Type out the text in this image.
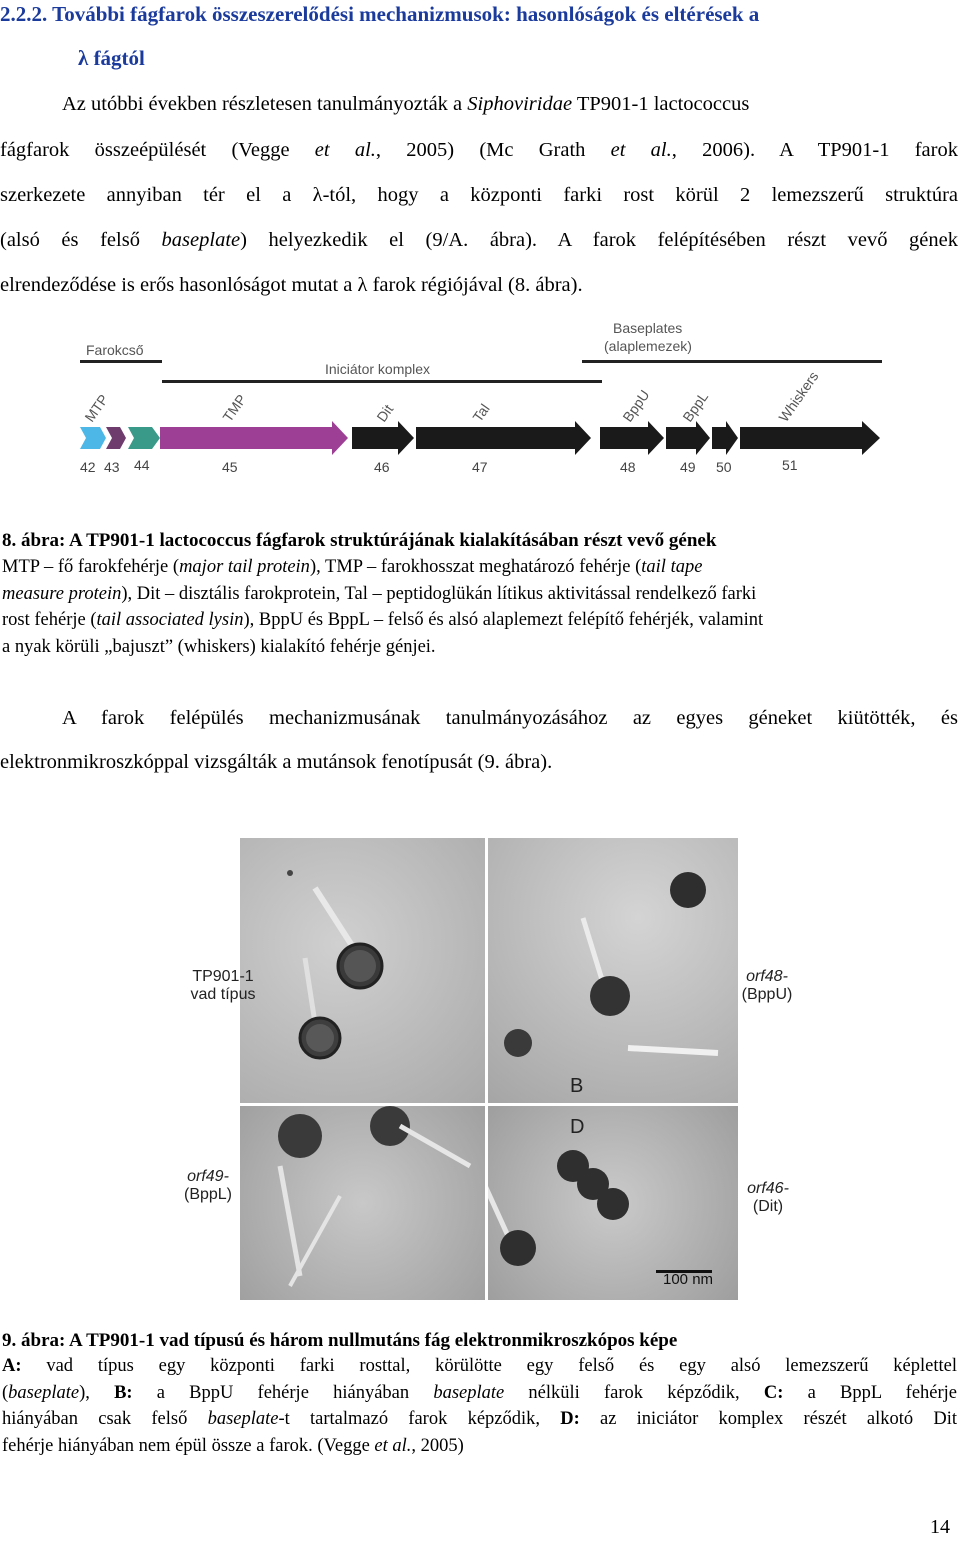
2.2.2. További fágfarok összeszerelődési mechanizmusok: hasonlóságok és eltérések a
λ fágtól
Az utóbbi években részletesen tanulmányozták a Siphoviridae TP901-1 lactococcus
fágfarok összeépülését (Vegge et al., 2005) (Mc Grath et al., 2006). A TP901-1 farok
szerkezete annyiban tér el a λ-tól, hogy a központi farki rost körül 2 lemezszerű struktúra
(alsó és felső baseplate) helyezkedik el (9/A. ábra). A farok felépítésében részt vevő gének
elrendeződése is erős hasonlóságot mutat a λ farok régiójával (8. ábra).
Farokcső
Iniciátor komplex
Baseplates
(alaplemezek)
MTP	TMP	Dit	Tal	BppU BppL	Whiskers
42 43 44	45	46	47	48	49 50	51
8. ábra: A TP901-1 lactococcus fágfarok struktúrájának kialakításában részt vevő gének
MTP – fő farokfehérje (major tail protein), TMP – farokhosszat meghatározó fehérje (tail tape
measure protein), Dit – disztális farokprotein, Tal – peptidoglükán lítikus aktivitással rendelkező farki
rost fehérje (tail associated lysin), BppU és BppL – felső és alsó alaplemezt felépítő fehérjék, valamint
a nyak körüli „bajuszt” (whiskers) kialakító fehérje génjei.
A farok felépülés mechanizmusának tanulmányozásához az egyes géneket kiütötték, és
elektronmikroszkóppal vizsgálták a mutánsok fenotípusát (9. ábra).
B
D
TP901-1
vad típus
orf49-
(BppL)
100 nm
orf48-
(BppU)
orf46-
(Dit)
9. ábra: A TP901-1 vad típusú és három nullmutáns fág elektronmikroszkópos képe
A: vad típus egy központi farki rosttal, körülötte egy felső és egy alsó lemezszerű képlettel
(baseplate), B: a BppU fehérje hiányában baseplate nélküli farok képződik, C: a BppL fehérje
hiányában csak felső baseplate-t tartalmazó farok képződik, D: az iniciátor komplex részét alkotó Dit
fehérje hiányában nem épül össze a farok. (Vegge et al., 2005)
14
